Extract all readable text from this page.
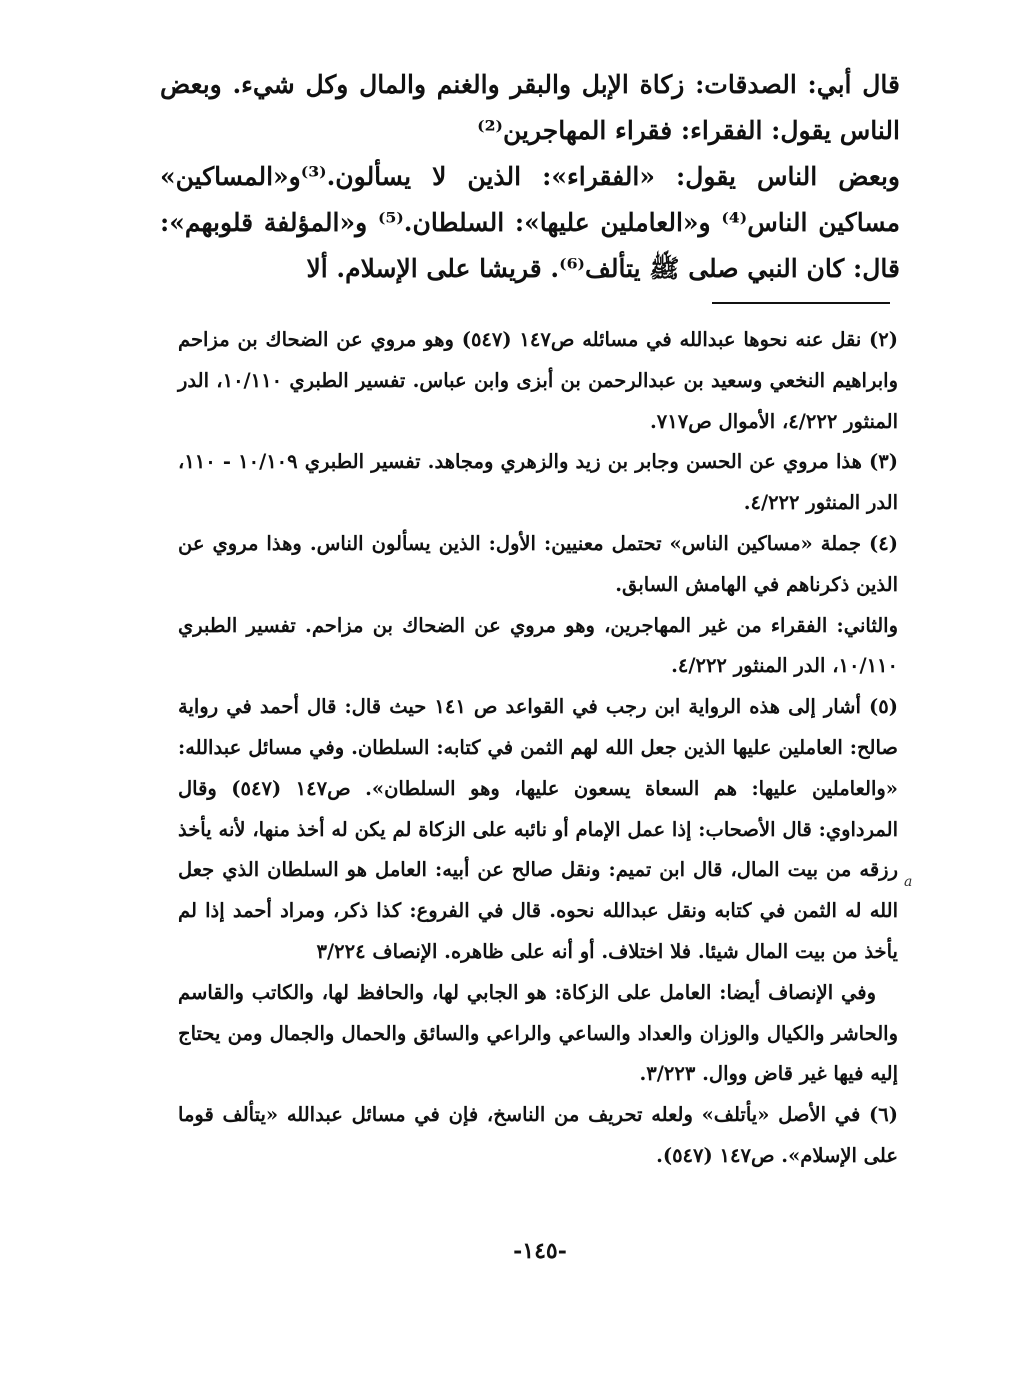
قال أبي: الصدقات: زكاة الإبل والبقر والغنم والمال وكل شيء. وبعض الناس يقول: الفقراء: فقراء المهاجرين⁽²⁾

وبعض الناس يقول: «الفقراء»: الذين لا يسألون.⁽³⁾و«المساكين» مساكين الناس⁽⁴⁾ و«العاملين عليها»: السلطان.⁽⁵⁾ و«المؤلفة قلوبهم»: قال: كان النبي صلى ﷺ يتألف⁽⁶⁾. قريشا على الإسلام. ألا

(٢) نقل عنه نحوها عبدالله في مسائله ص١٤٧ (٥٤٧) وهو مروي عن الضحاك بن مزاحم وابراهيم النخعي وسعيد بن عبدالرحمن بن أبزى وابن عباس. تفسير الطبري ١٠/١١٠، الدر المنثور ٤/٢٢٢، الأموال ص٧١٧.

(٣) هذا مروي عن الحسن وجابر بن زيد والزهري ومجاهد. تفسير الطبري ١٠/١٠٩ - ١١٠، الدر المنثور ٤/٢٢٢.

(٤) جملة «مساكين الناس» تحتمل معنيين: الأول: الذين يسألون الناس. وهذا مروي عن الذين ذكرناهم في الهامش السابق.

والثاني: الفقراء من غير المهاجرين، وهو مروي عن الضحاك بن مزاحم. تفسير الطبري ١٠/١١٠، الدر المنثور ٤/٢٢٢.

(٥) أشار إلى هذه الرواية ابن رجب في القواعد ص ١٤١ حيث قال: قال أحمد في رواية صالح: العاملين عليها الذين جعل الله لهم الثمن في كتابه: السلطان. وفي مسائل عبدالله: «والعاملين عليها: هم السعاة يسعون عليها، وهو السلطان». ص١٤٧ (٥٤٧) وقال المرداوي: قال الأصحاب: إذا عمل الإمام أو نائبه على الزكاة لم يكن له أخذ منها، لأنه يأخذ رزقه من بيت المال، قال ابن تميم: ونقل صالح عن أبيه: العامل هو السلطان الذي جعل الله له الثمن في كتابه ونقل عبدالله نحوه. قال في الفروع: كذا ذكر، ومراد أحمد إذا لم يأخذ من بيت المال شيئا. فلا اختلاف. أو أنه على ظاهره. الإنصاف ٣/٢٢٤

وفي الإنصاف أيضا: العامل على الزكاة: هو الجابي لها، والحافظ لها، والكاتب والقاسم والحاشر والكيال والوزان والعداد والساعي والراعي والسائق والحمال والجمال ومن يحتاج إليه فيها غير قاض ووال. ٣/٢٢٣.

(٦) في الأصل «يأتلف» ولعله تحريف من الناسخ، فإن في مسائل عبدالله «يتألف قوما على الإسلام». ص١٤٧ (٥٤٧).

a
-١٤٥-
